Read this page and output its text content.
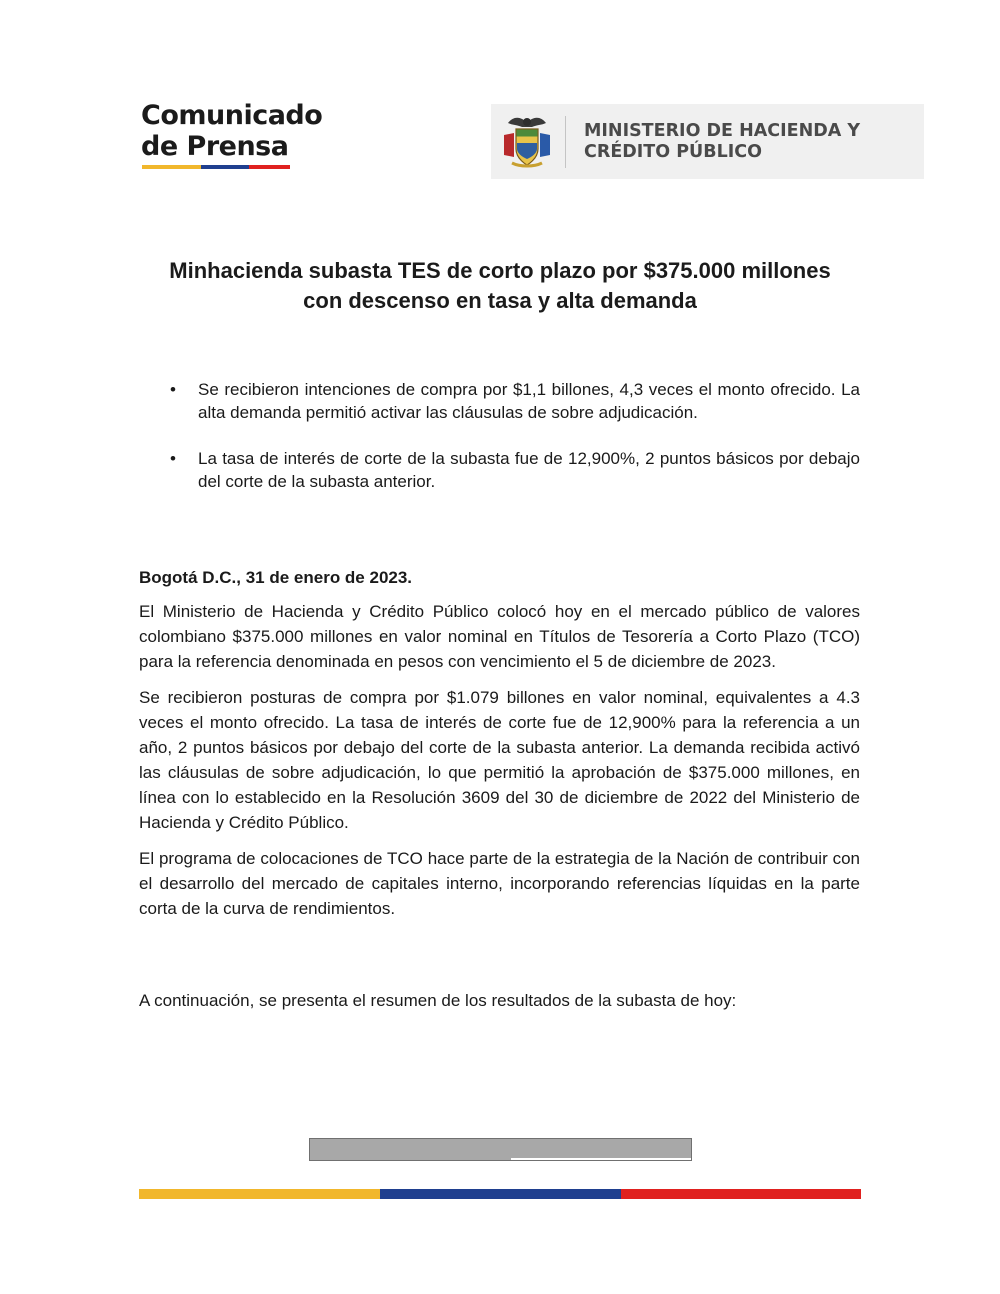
Comunicado
de Prensa
MINISTERIO DE HACIENDA Y
CRÉDITO PÚBLICO
Minhacienda subasta TES de corto plazo por $375.000 millones
con descenso en tasa y alta demanda
• Se recibieron intenciones de compra por $1,1 billones, 4,3 veces el monto ofrecido. La alta demanda permitió activar las cláusulas de sobre adjudicación.
• La tasa de interés de corte de la subasta fue de 12,900%, 2 puntos básicos por debajo del corte de la subasta anterior.

Bogotá D.C., 31 de enero de 2023.

El Ministerio de Hacienda y Crédito Público colocó hoy en el mercado público de valores colombiano $375.000 millones en valor nominal en Títulos de Tesorería a Corto Plazo (TCO) para la referencia denominada en pesos con vencimiento el 5 de diciembre de 2023.

Se recibieron posturas de compra por $1.079 billones en valor nominal, equivalentes a 4.3 veces el monto ofrecido. La tasa de interés de corte fue de 12,900% para la referencia a un año, 2 puntos básicos por debajo del corte de la subasta anterior. La demanda recibida activó las cláusulas de sobre adjudicación, lo que permitió la aprobación de $375.000 millones, en línea con lo establecido en la Resolución 3609 del 30 de diciembre de 2022 del Ministerio de Hacienda y Crédito Público.

El programa de colocaciones de TCO hace parte de la estrategia de la Nación de contribuir con el desarrollo del mercado de capitales interno, incorporando referencias líquidas en la parte corta de la curva de rendimientos.

A continuación, se presenta el resumen de los resultados de la subasta de hoy:
